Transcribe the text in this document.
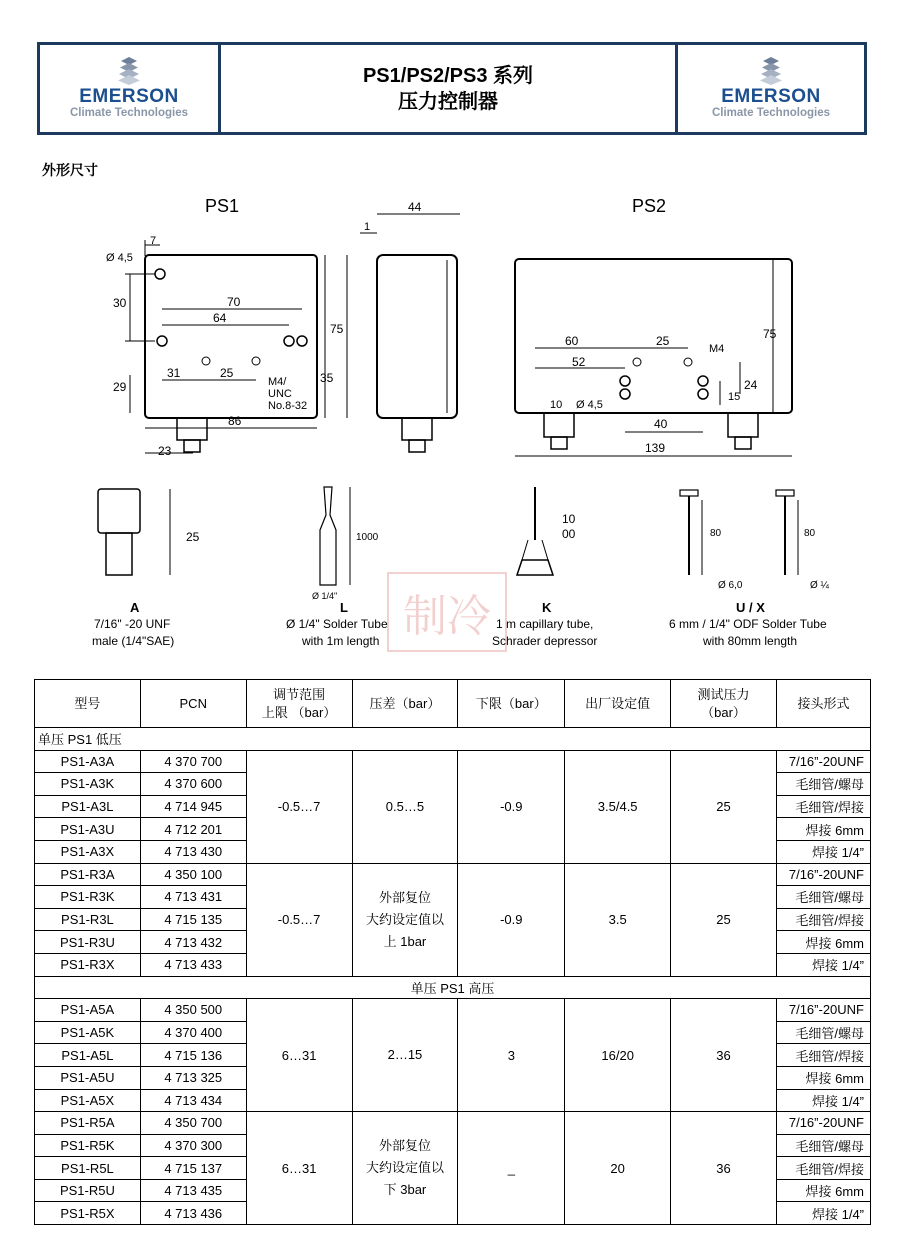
EMERSON
Climate Technologies
PS1/PS2/PS3 系列
压力控制器	EMERSON
Climate Technologies
外形尺寸
PS1
Ø 4,5
7
30	70
64
75
35
29
31	25
M4/
UNC
No.8-32
86
23
44
1
PS2
60	25
M4
75
52
24
10 Ø 4,5
15
40
139
25
A
7/16" -20 UNF
male (1/4"SAE)
1000
Ø 1/4"
L
Ø 1/4" Solder Tube
with 1m length
10
00
K
1 m capillary tube,
Schrader depressor
80
Ø 6,0
80
Ø ¼
U / X
6 mm / 1/4" ODF Solder Tube
with 80mm length
制冷
型号	PCN	调节范围
上限 （bar）	压差（bar）	下限（bar）	出厂设定值	测试压力
（bar）	接头形式
单压 PS1 低压							
PS1-A3A	4 370 700	-0.5…7	0.5…5	-0.9	3.5/4.5	25	7/16”-20UNF
PS1-A3K	4 370 600						毛细管/螺母
PS1-A3L	4 714 945						毛细管/焊接
PS1-A3U	4 712 201						焊接 6mm
PS1-A3X	4 713 430						焊接 1/4”
PS1-R3A	4 350 100	-0.5…7	外部复位
大约设定值以
上 1bar	-0.9	3.5	25	7/16”-20UNF
PS1-R3K	4 713 431						毛细管/螺母
PS1-R3L	4 715 135						毛细管/焊接
PS1-R3U	4 713 432						焊接 6mm
PS1-R3X	4 713 433						焊接 1/4”
单压 PS1 高压							
PS1-A5A	4 350 500	6…31	2…15	3	16/20	36	7/16”-20UNF
PS1-A5K	4 370 400						毛细管/螺母
PS1-A5L	4 715 136						毛细管/焊接
PS1-A5U	4 713 325						焊接 6mm
PS1-A5X	4 713 434						焊接 1/4”
PS1-R5A	4 350 700	6…31	外部复位
大约设定值以
下 3bar	_	20	36	7/16”-20UNF
PS1-R5K	4 370 300						毛细管/螺母
PS1-R5L	4 715 137						毛细管/焊接
PS1-R5U	4 713 435						焊接 6mm
PS1-R5X	4 713 436						焊接 1/4”
